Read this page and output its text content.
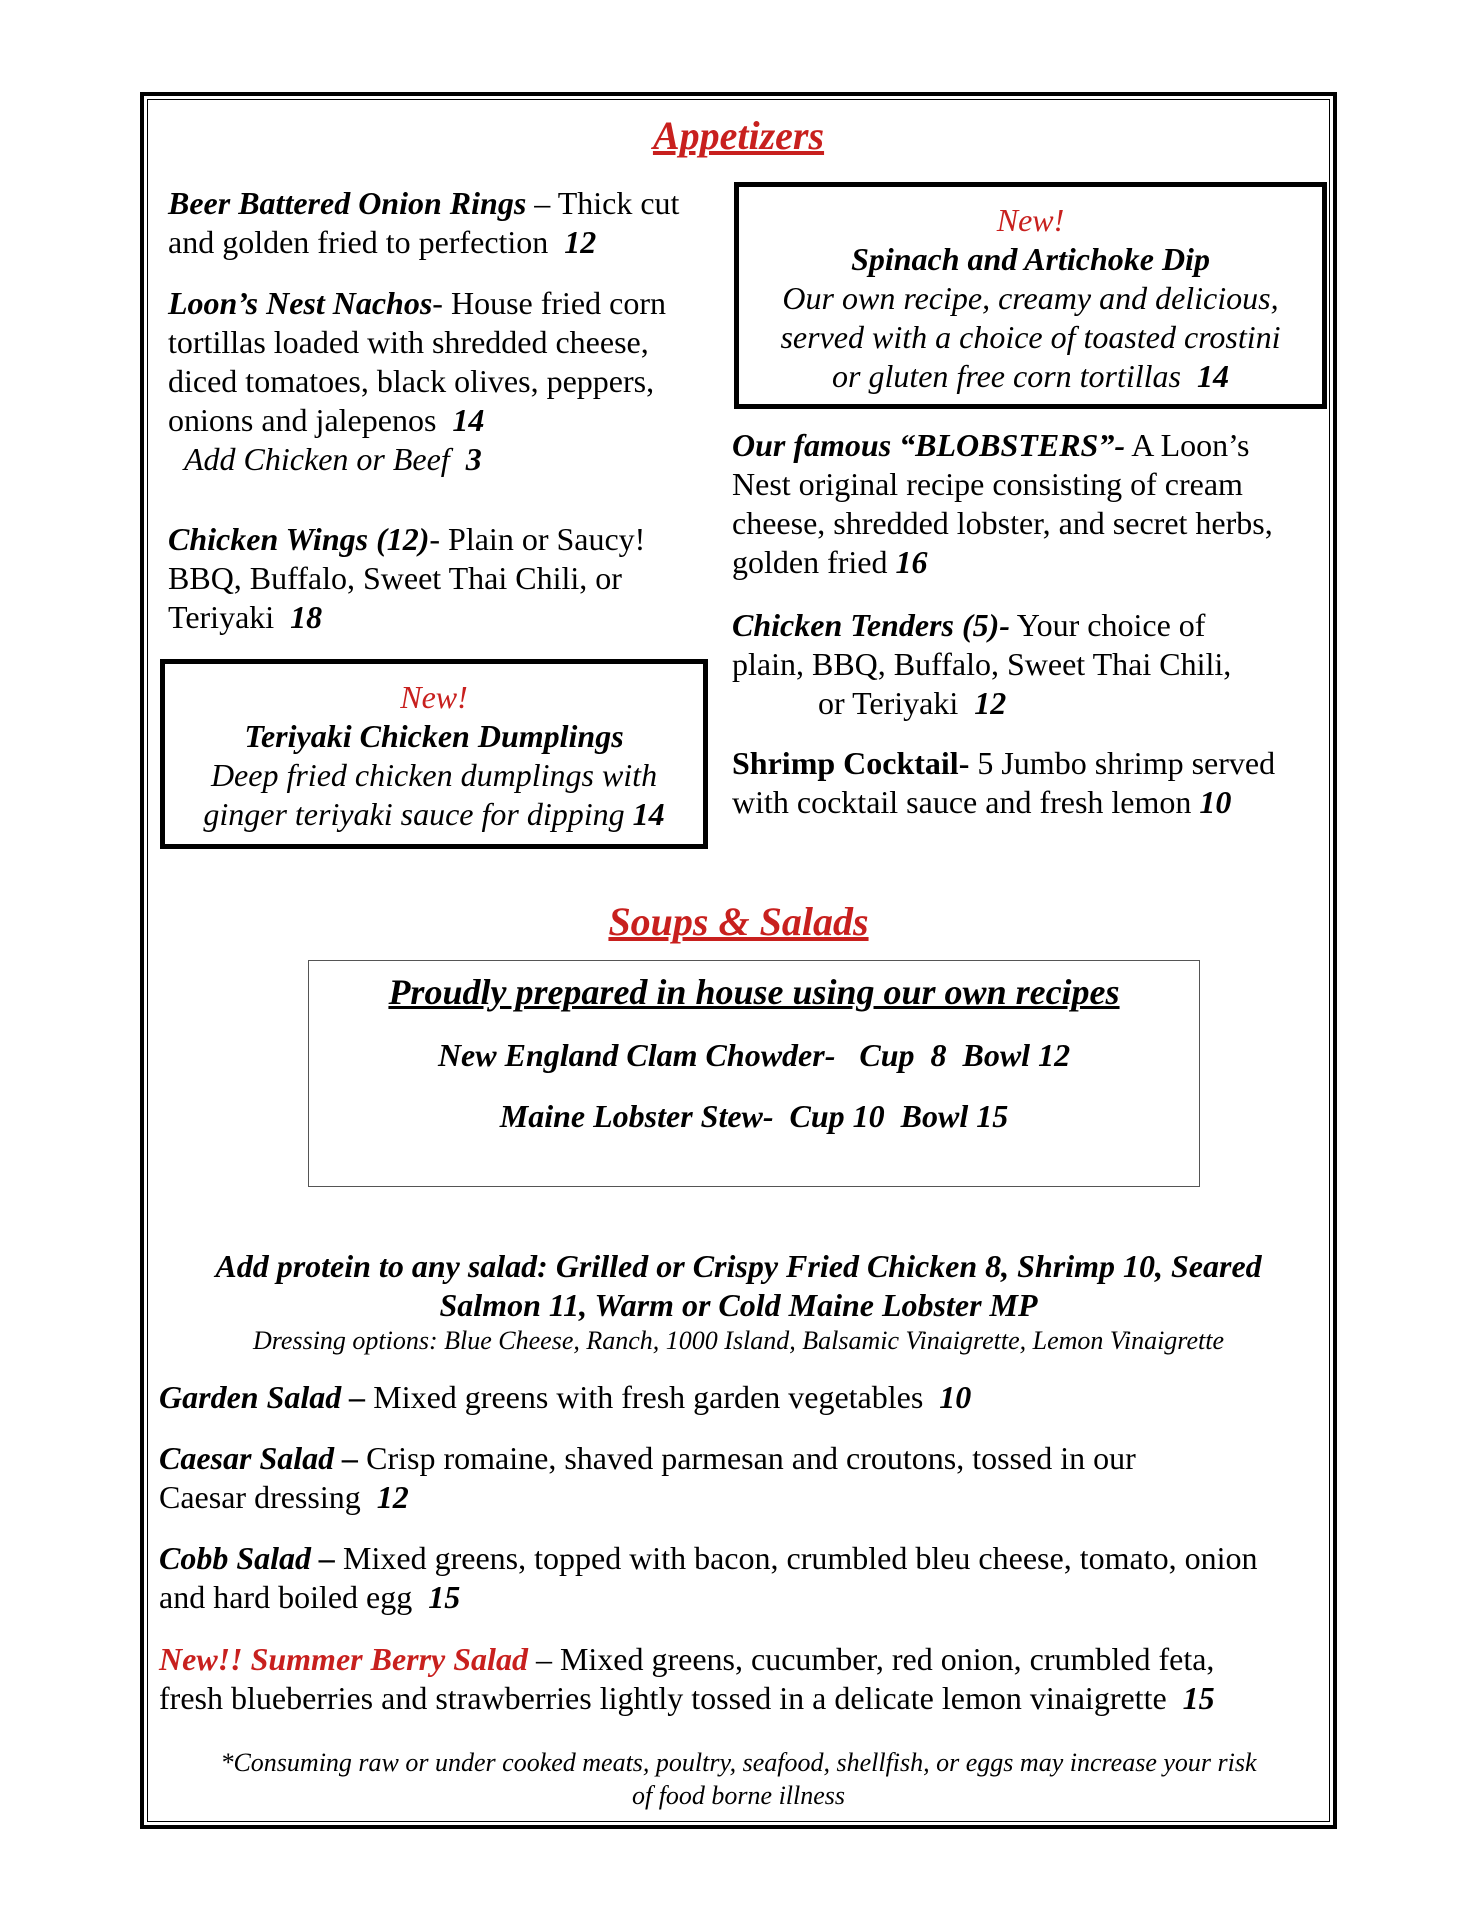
Appetizers
Beer Battered Onion Rings – Thick cut
and golden fried to perfection 12
Loon’s Nest Nachos- House fried corn
tortillas loaded with shredded cheese,
diced tomatoes, black olives, peppers,
onions and jalepenos 14
Add Chicken or Beef 3
Chicken Wings (12)- Plain or Saucy!
BBQ, Buffalo, Sweet Thai Chili, or
Teriyaki 18
New!
Teriyaki Chicken Dumplings
Deep fried chicken dumplings with
ginger teriyaki sauce for dipping 14
New!
Spinach and Artichoke Dip
Our own recipe, creamy and delicious,
served with a choice of toasted crostini
or gluten free corn tortillas 14
Our famous “BLOBSTERS”- A Loon’s
Nest original recipe consisting of cream
cheese, shredded lobster, and secret herbs,
golden fried 16
Chicken Tenders (5)- Your choice of
plain, BBQ, Buffalo, Sweet Thai Chili,
or Teriyaki 12
Shrimp Cocktail- 5 Jumbo shrimp served
with cocktail sauce and fresh lemon 10
Soups & Salads
Proudly prepared in house using our own recipes
New England Clam Chowder- Cup 8 Bowl 12
Maine Lobster Stew- Cup 10 Bowl 15
Add protein to any salad: Grilled or Crispy Fried Chicken 8, Shrimp 10, Seared
Salmon 11, Warm or Cold Maine Lobster MP
Dressing options: Blue Cheese, Ranch, 1000 Island, Balsamic Vinaigrette, Lemon Vinaigrette
Garden Salad – Mixed greens with fresh garden vegetables 10
Caesar Salad – Crisp romaine, shaved parmesan and croutons, tossed in our
Caesar dressing 12
Cobb Salad – Mixed greens, topped with bacon, crumbled bleu cheese, tomato, onion
and hard boiled egg 15
New!! Summer Berry Salad – Mixed greens, cucumber, red onion, crumbled feta,
fresh blueberries and strawberries lightly tossed in a delicate lemon vinaigrette 15
*Consuming raw or under cooked meats, poultry, seafood, shellfish, or eggs may increase your risk
of food borne illness
